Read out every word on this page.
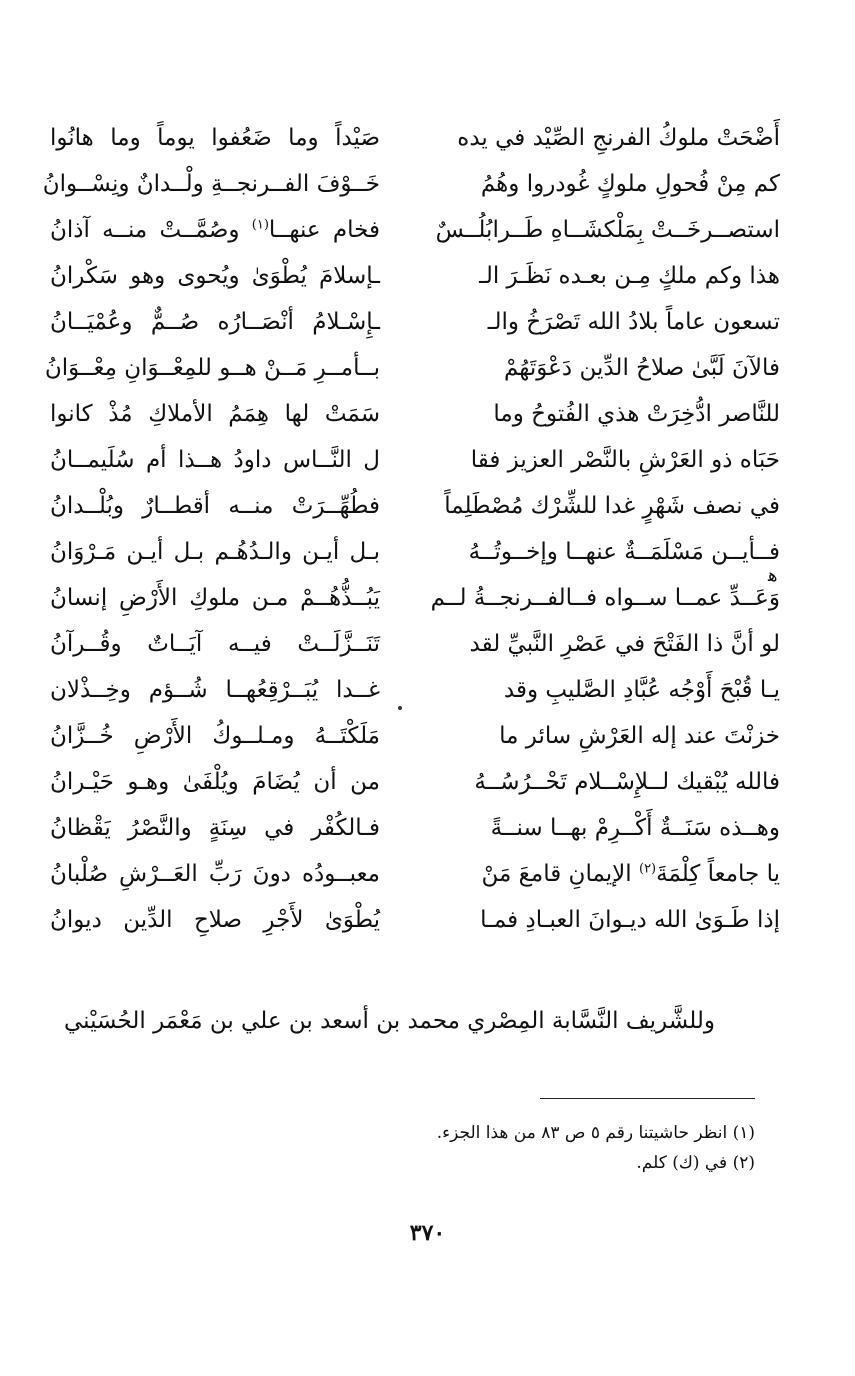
أَضْحَتْ ملوكُ الفرنجِ الصِّيْد في يده
صَيْداً وما ضَعُفوا يوماً وما هانُوا
كم مِنْ فُحولِ ملوكٍ غُودروا وهُمُ
خَــوْفَ الفــرنجــةِ ولْــدانٌ ونِسْــوانُ
استصــرخَــتْ بِمَلْكشَــاهِ طَــرابُلُــسٌ
فخام عنهــا$^{(١)}$ وصُمَّــتْ منــه آذانُ
هذا وكم ملكٍ مِـن بعـده نَظَـرَ الـ
ـإسلامَ يُطْوَىٰ ويُحوى وهو سَكْرانُ
تسعون عاماً بلادُ الله تَصْرَخُ والـ
ـإِسْـلامُ أنْصَــارُه صُــمٌّ وعُمْيَــانُ
فالآنَ لَبَّىٰ صلاحُ الدِّين دَعْوَتَهُمْ
بــأمــرِ مَــنْ هــو للمِعْــوَانِ مِعْــوَانُ
للنَّاصر ادُّخِرَتْ هذي الفُتوحُ وما
سَمَتْ لها هِمَمُ الأملاكِ مُذْ كانوا
حَبَاه ذو العَرْشِ بالنَّصْر العزيز فقا
ل النَّــاس داودُ هــذا أم سُلَيمــانُ
في نصف شَهْرٍ غدا للشِّرْك مُصْطَلِماً
فطُهِّــرَتْ منــه أقطــارٌ وبُلْــدانُ
فــأيــن مَسْلَمَــةٌ عنهــا وإخــوتُــهُ
بـل أيـن والـدُهُـم بـل أيـن مَـرْوَانُ
وَعَــدِّ عمــا ســواه فــالفــرنجــةُ لــم
يَبُــذُّهُــمْ مـن ملوكِ الأَرْضِ إنسانُ
لو أنَّ ذا الفَتْحَ في عَصْرِ النَّبيِّ لقد
تَنَــزَّلَــتْ فيــه آيَــاتٌ وقُــرآنُ
يـا قُبْحَ أَوْجُه عُبَّادِ الصَّليبِ وقد
غــدا يُبَــرْقِعُهــا شُــؤم وخِــذْلان
خزنْتَ عند إله العَرْشِ سائر ما
مَلَكْتَــهُ ومـلــوكُ الأَرْضِ خُــزَّانُ
فالله يُبْقيك لــلإِسْــلام تَحْــرُسُــهُ
من أن يُضَامَ ويُلْفَىٰ وهـو حَيْـرانُ
وهــذه سَنَــةٌ أَكْــرِمْ بهــا سنــةً
فـالكُفْر في سِنَةٍ والنَّصْرُ يَقْظانُ
يا جامعاً كِلْمَةَ$^{(٢)}$ الإيمانِ قامعَ مَنْ
معبــودُه دونَ رَبِّ العَــرْشِ صُلْبانُ
إذا طَـوَىٰ الله ديـوانَ العبـادِ فمـا
يُطْوَىٰ لأَجْرِ صلاحِ الدِّين ديوانُ
ﻫ
وللشَّريف النَّسَّابة المِصْري محمد بن أسعد بن علي بن مَعْمَر الحُسَيْني
(١) انظر حاشيتنا رقم ٥ ص ٨٣ من هذا الجزء.
(٢) في (ك) كلم.
٣٧٠
